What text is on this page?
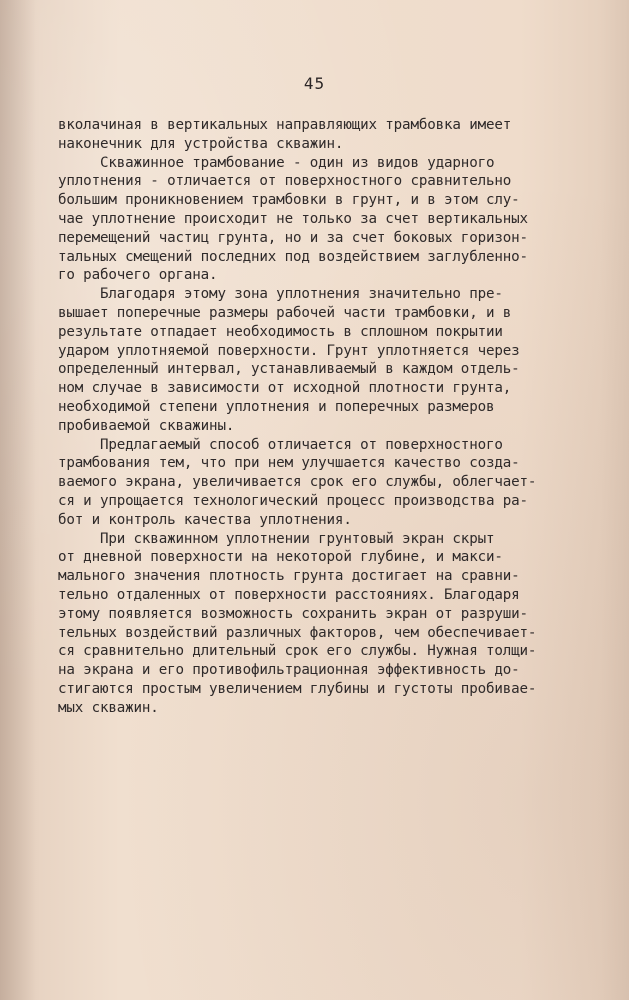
45
вколачиная в вертикальных направляющих трамбовка имеет
наконечник для устройства скважин.
Скважинное трамбование - один из видов ударного
уплотнения - отличается от поверхностного сравнительно
большим проникновением трамбовки в грунт, и в этом слу-
чае уплотнение происходит не только за счет вертикальных
перемещений частиц грунта, но и за счет боковых горизон-
тальных смещений последних под воздействием заглубленно-
го рабочего органа.
Благодаря этому зона уплотнения значительно пре-
вышает поперечные размеры рабочей части трамбовки, и в
результате отпадает необходимость в сплошном покрытии
ударом уплотняемой поверхности. Грунт уплотняется через
определенный интервал, устанавливаемый в каждом отдель-
ном случае в зависимости от исходной плотности грунта,
необходимой степени уплотнения и поперечных размеров
пробиваемой скважины.
Предлагаемый способ отличается от поверхностного
трамбования тем, что при нем улучшается качество созда-
ваемого экрана, увеличивается срок его службы, облегчает-
ся и упрощается технологический процесс производства ра-
бот и контроль качества уплотнения.
При скважинном уплотнении грунтовый экран скрыт
от дневной поверхности на некоторой глубине, и макси-
мального значения плотность грунта достигает на сравни-
тельно отдаленных от поверхности расстояниях. Благодаря
этому появляется возможность сохранить экран от разруши-
тельных воздействий различных факторов, чем обеспечивает-
ся сравнительно длительный срок его службы. Нужная толщи-
на экрана и его противофильтрационная эффективность до-
стигаются простым увеличением глубины и густоты пробивае-
мых скважин.
